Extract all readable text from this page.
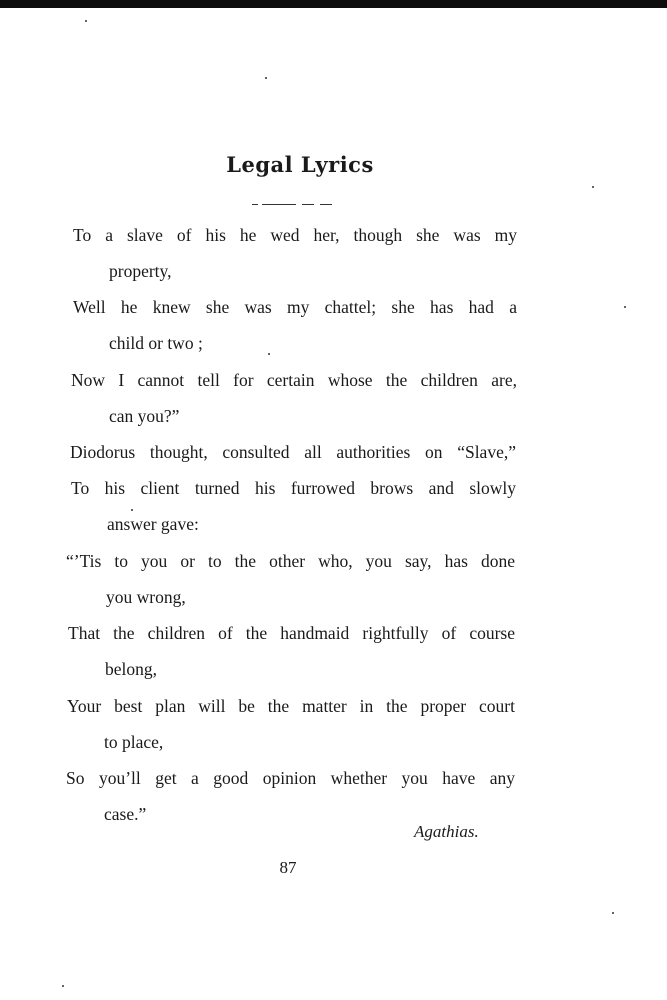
Legal Lyrics
To a slave of his he wed her, though she was my
property,
Well he knew she was my chattel; she has had a
child or two ;
Now I cannot tell for certain whose the children are,
can you?”
Diodorus thought, consulted all authorities on “Slave,”
To his client turned his furrowed brows and slowly
answer gave:
“’Tis to you or to the other who, you say, has done
you wrong,
That the children of the handmaid rightfully of course
belong,
Your best plan will be the matter in the proper court
to place,
So you’ll get a good opinion whether you have any
case.”
Agathias.
87
